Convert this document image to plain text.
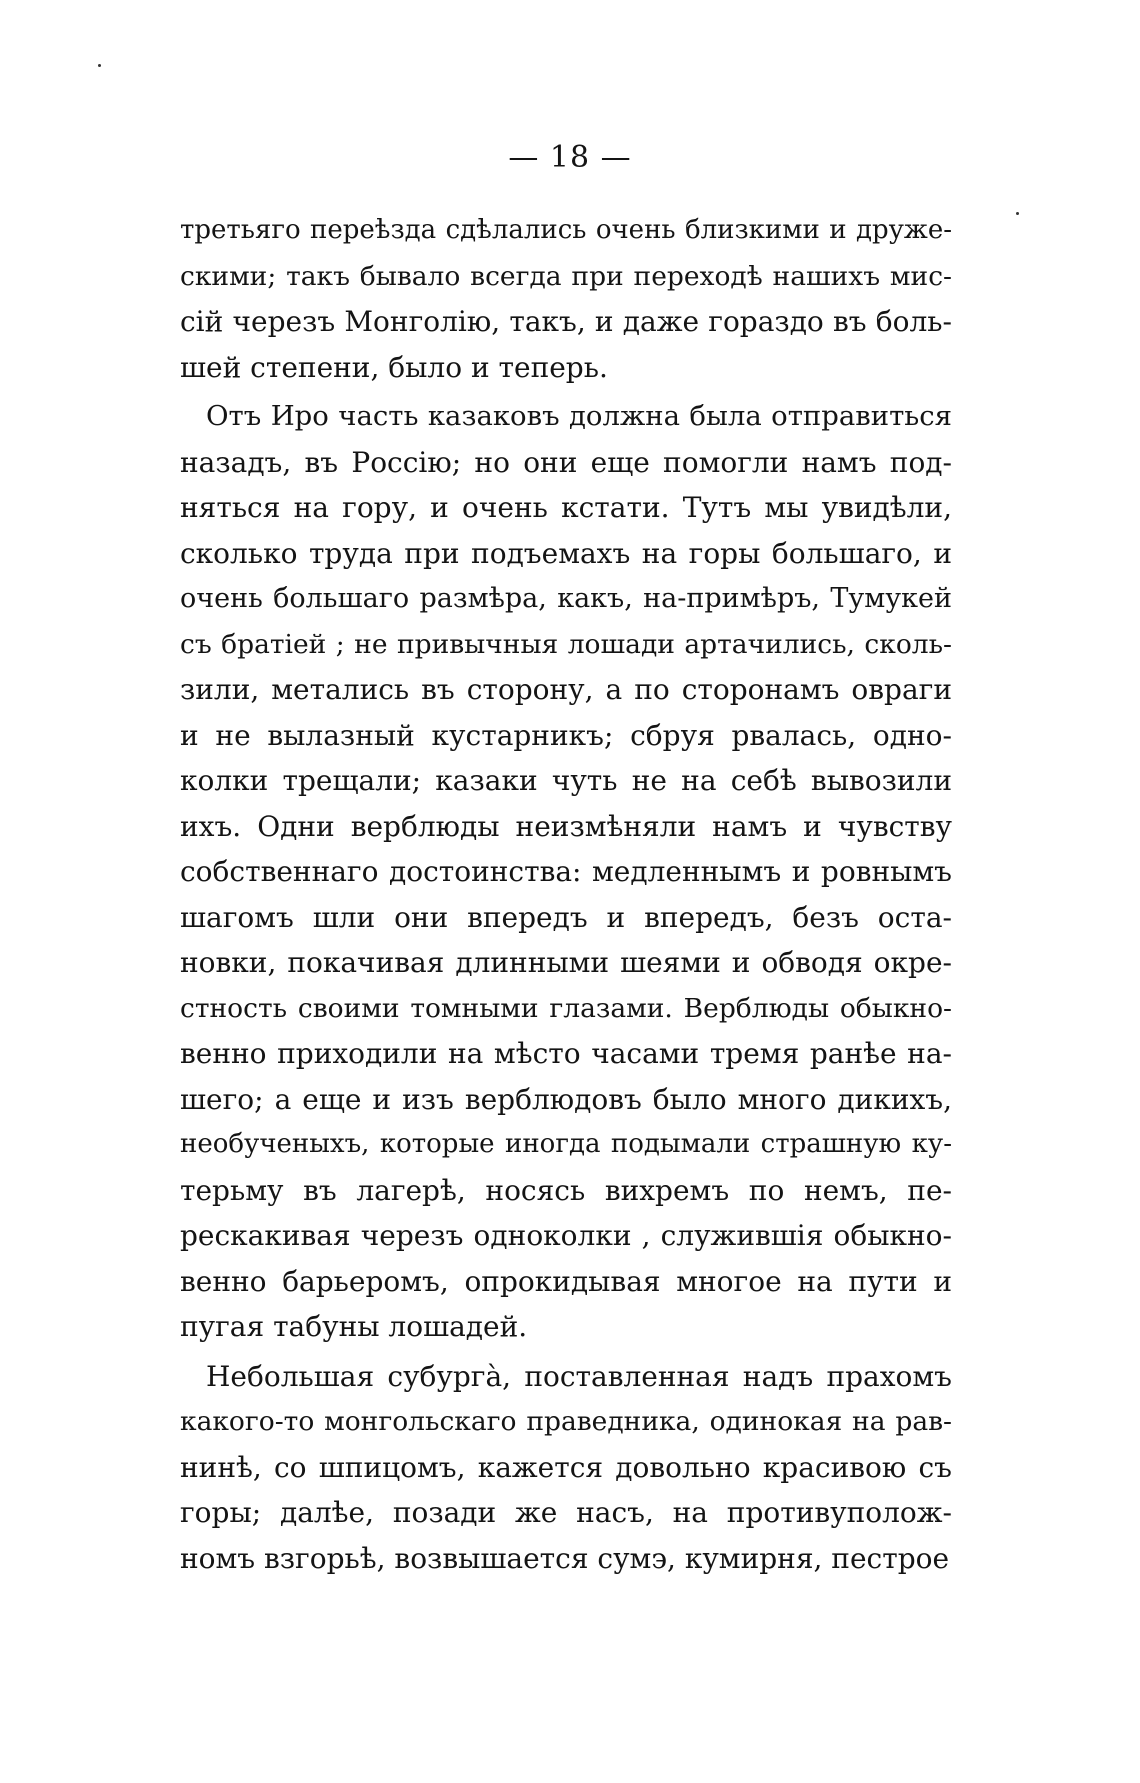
— 18 —
третьяго переѣзда сдѣлались очень близкими и друже-
скими; такъ бывало всегда при переходѣ нашихъ мис-
сій черезъ Монголію, такъ, и даже гораздо въ боль-
шей степени, было и теперь.
Отъ Иро часть казаковъ должна была отправиться
назадъ, въ Россію; но они еще помогли намъ под-
няться на гору, и очень кстати. Тутъ мы увидѣли,
сколько труда при подъемахъ на горы большаго, и
очень большаго размѣра, какъ, на-примѣръ, Тумукей
съ братіей ; не привычныя лошади артачились, сколь-
зили, метались въ сторону, а по сторонамъ овраги
и не вылазный кустарникъ; сбруя рвалась, одно-
колки трещали; казаки чуть не на себѣ вывозили
ихъ. Одни верблюды неизмѣняли намъ и чувству
собственнаго достоинства: медленнымъ и ровнымъ
шагомъ шли они впередъ и впередъ, безъ оста-
новки, покачивая длинными шеями и обводя окре-
стность своими томными глазами. Верблюды обыкно-
венно приходили на мѣсто часами тремя ранѣе на-
шего; а еще и изъ верблюдовъ было много дикихъ,
необученыхъ, которые иногда подымали страшную ку-
терьму въ лагерѣ, носясь вихремъ по немъ, пе-
рескакивая черезъ одноколки , служившія обыкно-
венно барьеромъ, опрокидывая многое на пути и
пугая табуны лошадей.
Небольшая субургà, поставленная надъ прахомъ
какого-то монгольскаго праведника, одинокая на рав-
нинѣ, со шпицомъ, кажется довольно красивою съ
горы; далѣе, позади же насъ, на противуполож-
номъ взгорьѣ, возвышается сумэ, кумирня, пестрое
